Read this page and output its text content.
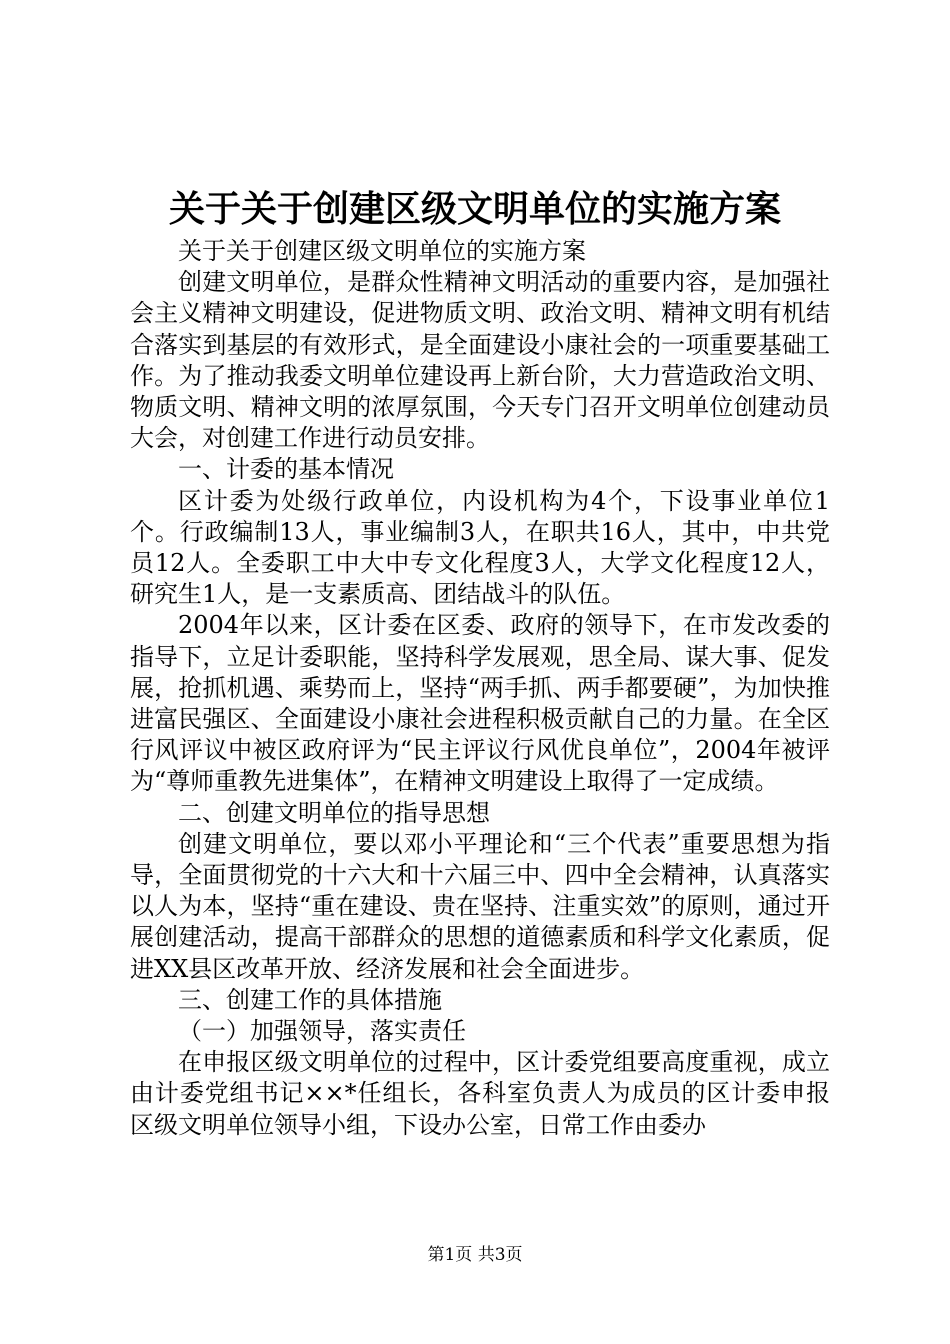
关于关于创建区级文明单位的实施方案

关于关于创建区级文明单位的实施方案

创建文明单位，是群众性精神文明活动的重要内容，是加强社会主义精神文明建设，促进物质文明、政治文明、精神文明有机结合落实到基层的有效形式，是全面建设小康社会的一项重要基础工作。为了推动我委文明单位建设再上新台阶，大力营造政治文明、物质文明、精神文明的浓厚氛围，今天专门召开文明单位创建动员大会，对创建工作进行动员安排。

一、计委的基本情况

区计委为处级行政单位，内设机构为4个，下设事业单位1个。行政编制13人，事业编制3人，在职共16人，其中，中共党员12人。全委职工中大中专文化程度3人，大学文化程度12人，研究生1人，是一支素质高、团结战斗的队伍。

2004年以来，区计委在区委、政府的领导下，在市发改委的指导下，立足计委职能，坚持科学发展观，思全局、谋大事、促发展，抢抓机遇、乘势而上，坚持“两手抓、两手都要硬”，为加快推进富民强区、全面建设小康社会进程积极贡献自己的力量。在全区行风评议中被区政府评为“民主评议行风优良单位”，2004年被评为“尊师重教先进集体”，在精神文明建设上取得了一定成绩。

二、创建文明单位的指导思想

创建文明单位，要以邓小平理论和“三个代表”重要思想为指导，全面贯彻党的十六大和十六届三中、四中全会精神，认真落实以人为本，坚持“重在建设、贵在坚持、注重实效”的原则，通过开展创建活动，提高干部群众的思想的道德素质和科学文化素质，促进XX县区改革开放、经济发展和社会全面进步。

三、创建工作的具体措施

（一）加强领导，落实责任

在申报区级文明单位的过程中，区计委党组要高度重视，成立由计委党组书记××*任组长，各科室负责人为成员的区计委申报区级文明单位领导小组，下设办公室，日常工作由委办

第1页 共3页
